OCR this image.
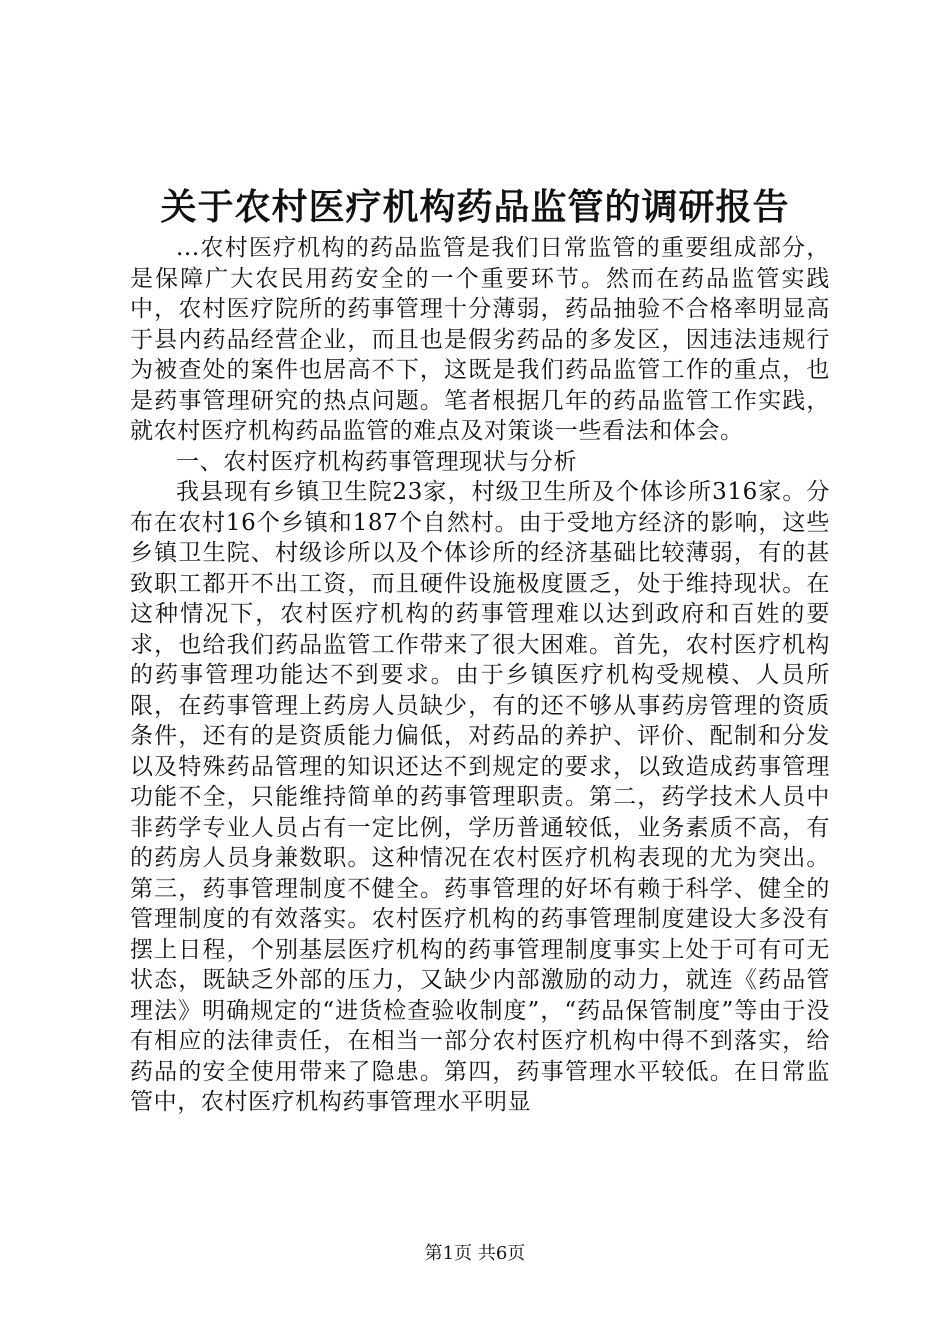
关于农村医疗机构药品监管的调研报告

...农村医疗机构的药品监管是我们日常监管的重要组成部分，是保障广大农民用药安全的一个重要环节。然而在药品监管实践中，农村医疗院所的药事管理十分薄弱，药品抽验不合格率明显高于县内药品经营企业，而且也是假劣药品的多发区，因违法违规行为被查处的案件也居高不下，这既是我们药品监管工作的重点，也是药事管理研究的热点问题。笔者根据几年的药品监管工作实践，就农村医疗机构药品监管的难点及对策谈一些看法和体会。

一、农村医疗机构药事管理现状与分析

我县现有乡镇卫生院23家，村级卫生所及个体诊所316家。分布在农村16个乡镇和187个自然村。由于受地方经济的影响，这些乡镇卫生院、村级诊所以及个体诊所的经济基础比较薄弱，有的甚致职工都开不出工资，而且硬件设施极度匮乏，处于维持现状。在这种情况下，农村医疗机构的药事管理难以达到政府和百姓的要求，也给我们药品监管工作带来了很大困难。首先，农村医疗机构的药事管理功能达不到要求。由于乡镇医疗机构受规模、人员所限，在药事管理上药房人员缺少，有的还不够从事药房管理的资质条件，还有的是资质能力偏低，对药品的养护、评价、配制和分发以及特殊药品管理的知识还达不到规定的要求，以致造成药事管理功能不全，只能维持简单的药事管理职责。第二，药学技术人员中非药学专业人员占有一定比例，学历普通较低，业务素质不高，有的药房人员身兼数职。这种情况在农村医疗机构表现的尤为突出。第三，药事管理制度不健全。药事管理的好坏有赖于科学、健全的管理制度的有效落实。农村医疗机构的药事管理制度建设大多没有摆上日程，个别基层医疗机构的药事管理制度事实上处于可有可无状态，既缺乏外部的压力，又缺少内部激励的动力，就连《药品管理法》明确规定的“进货检查验收制度”，“药品保管制度”等由于没有相应的法律责任，在相当一部分农村医疗机构中得不到落实，给药品的安全使用带来了隐患。第四，药事管理水平较低。在日常监管中，农村医疗机构药事管理水平明显

第1页 共6页
